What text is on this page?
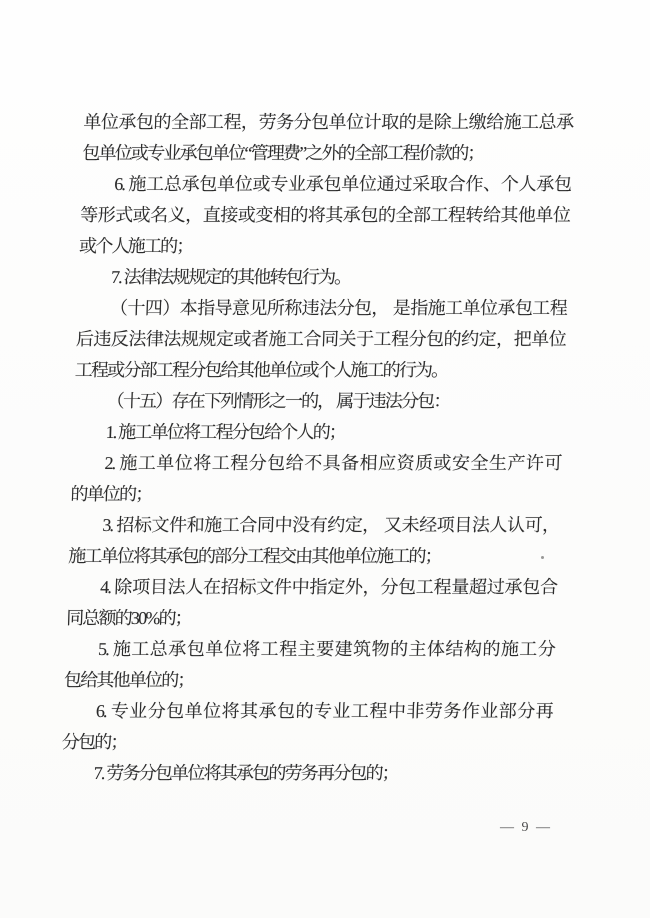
单位承包的全部工程，劳务分包单位计取的是除上缴给施工总承
包单位或专业承包单位“管理费”之外的全部工程价款的；
6. 施工总承包单位或专业承包单位通过采取合作、个人承包
等形式或名义，直接或变相的将其承包的全部工程转给其他单位
或个人施工的；
7. 法律法规规定的其他转包行为。
（十四）本指导意见所称违法分包， 是指施工单位承包工程
后违反法律法规规定或者施工合同关于工程分包的约定，把单位
工程或分部工程分包给其他单位或个人施工的行为。
（十五）存在下列情形之一的， 属于违法分包：
1. 施工单位将工程分包给个人的；
2. 施工单位将工程分包给不具备相应资质或安全生产许可
的单位的；
3. 招标文件和施工合同中没有约定， 又未经项目法人认可，
施工单位将其承包的部分工程交由其他单位施工的；
4. 除项目法人在招标文件中指定外，分包工程量超过承包合
同总额的30%的；
5. 施工总承包单位将工程主要建筑物的主体结构的施工分
包给其他单位的；
6. 专业分包单位将其承包的专业工程中非劳务作业部分再
分包的；
7. 劳务分包单位将其承包的劳务再分包的；
— 9 —
